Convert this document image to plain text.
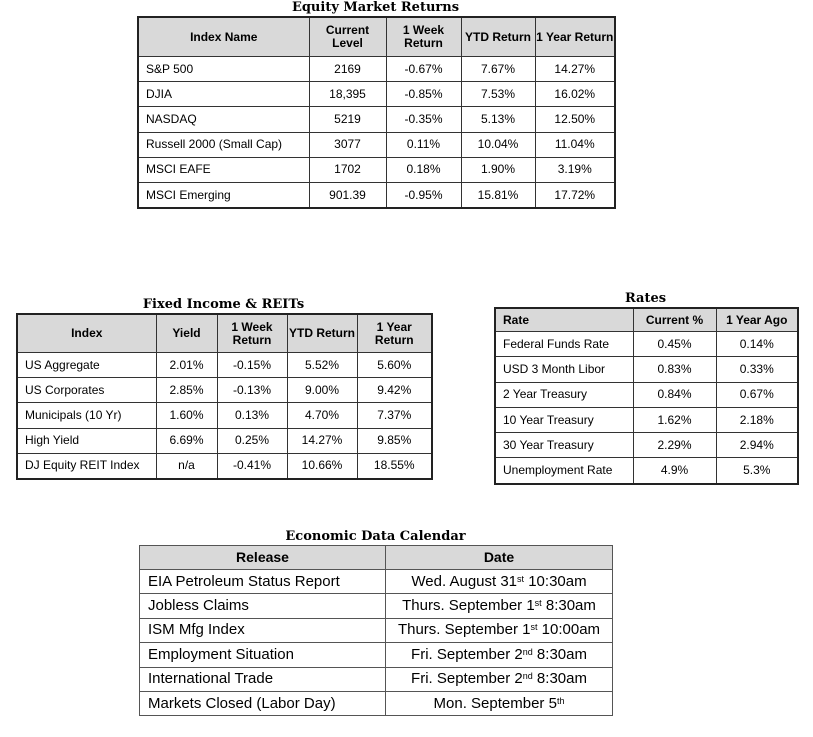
Equity Market Returns
Index Name	Current Level	1 Week Return	YTD Return	1 Year Return
S&P 500	2169	-0.67%	7.67%	14.27%
DJIA	18,395	-0.85%	7.53%	16.02%
NASDAQ	5219	-0.35%	5.13%	12.50%
Russell 2000 (Small Cap)	3077	0.11%	10.04%	11.04%
MSCI EAFE	1702	0.18%	1.90%	3.19%
MSCI Emerging	901.39	-0.95%	15.81%	17.72%
Fixed Income & REITs
Index	Yield	1 Week Return	YTD Return	1 Year Return
US Aggregate	2.01%	-0.15%	5.52%	5.60%
US Corporates	2.85%	-0.13%	9.00%	9.42%
Municipals (10 Yr)	1.60%	0.13%	4.70%	7.37%
High Yield	6.69%	0.25%	14.27%	9.85%
DJ Equity REIT Index	n/a	-0.41%	10.66%	18.55%
Rates
Rate	Current %	1 Year Ago
Federal Funds Rate	0.45%	0.14%
USD 3 Month Libor	0.83%	0.33%
2 Year Treasury	0.84%	0.67%
10 Year Treasury	1.62%	2.18%
30 Year Treasury	2.29%	2.94%
Unemployment Rate	4.9%	5.3%
Economic Data Calendar
Release	Date
EIA Petroleum Status Report	Wed. August 31st 10:30am
Jobless Claims	Thurs. September 1st 8:30am
ISM Mfg Index	Thurs. September 1st 10:00am
Employment Situation	Fri. September 2nd 8:30am
International Trade	Fri. September 2nd 8:30am
Markets Closed (Labor Day)	Mon. September 5th
